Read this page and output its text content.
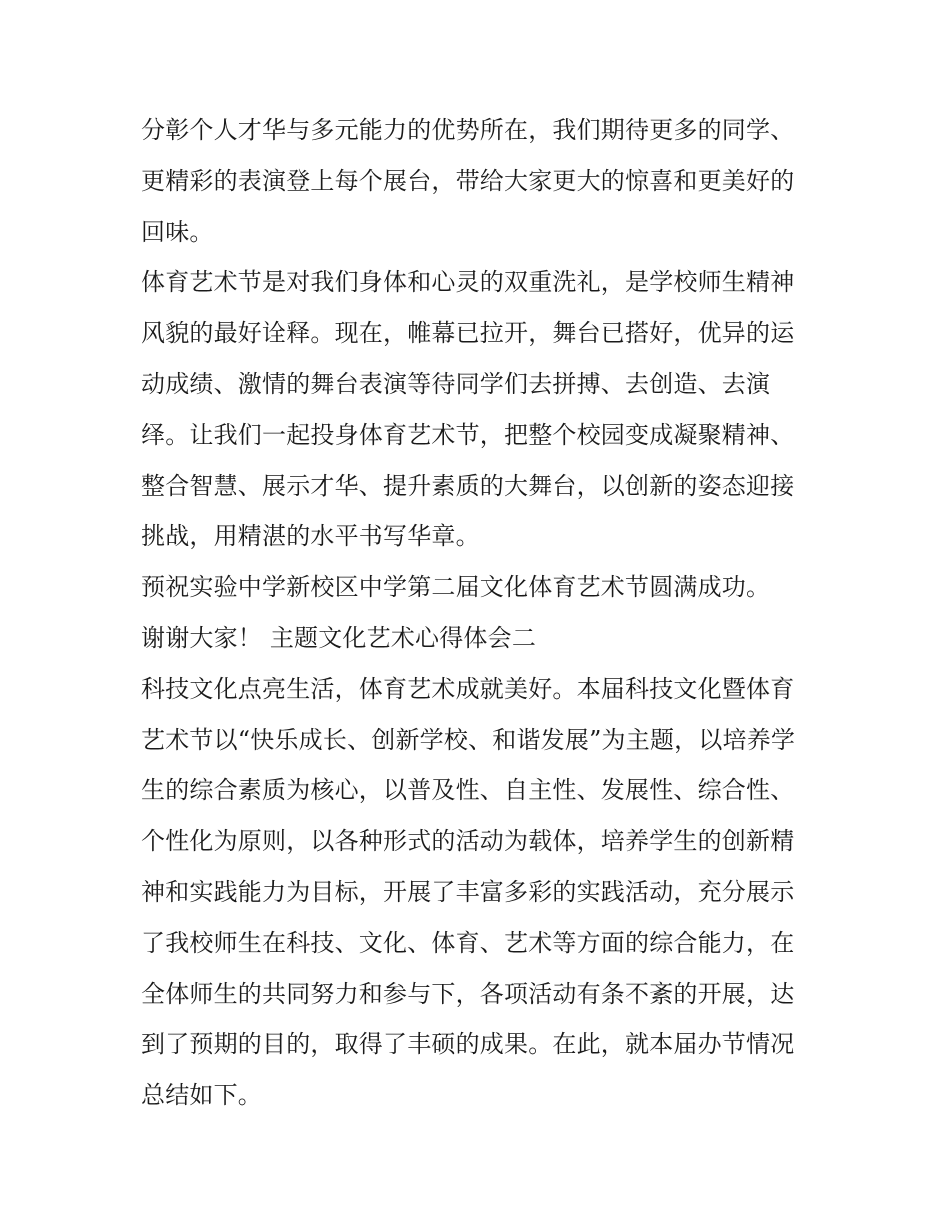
分彰个人才华与多元能力的优势所在，我们期待更多的同学、
更精彩的表演登上每个展台，带给大家更大的惊喜和更美好的
回味。
体育艺术节是对我们身体和心灵的双重洗礼，是学校师生精神
风貌的最好诠释。现在，帷幕已拉开，舞台已搭好，优异的运
动成绩、激情的舞台表演等待同学们去拼搏、去创造、去演
绎。让我们一起投身体育艺术节，把整个校园变成凝聚精神、
整合智慧、展示才华、提升素质的大舞台，以创新的姿态迎接
挑战，用精湛的水平书写华章。
预祝实验中学新校区中学第二届文化体育艺术节圆满成功。
谢谢大家！ 主题文化艺术心得体会二
科技文化点亮生活，体育艺术成就美好。本届科技文化暨体育
艺术节以“快乐成长、创新学校、和谐发展”为主题，以培养学
生的综合素质为核心，以普及性、自主性、发展性、综合性、
个性化为原则，以各种形式的活动为载体，培养学生的创新精
神和实践能力为目标，开展了丰富多彩的实践活动，充分展示
了我校师生在科技、文化、体育、艺术等方面的综合能力，在
全体师生的共同努力和参与下，各项活动有条不紊的开展，达
到了预期的目的，取得了丰硕的成果。在此，就本届办节情况
总结如下。
